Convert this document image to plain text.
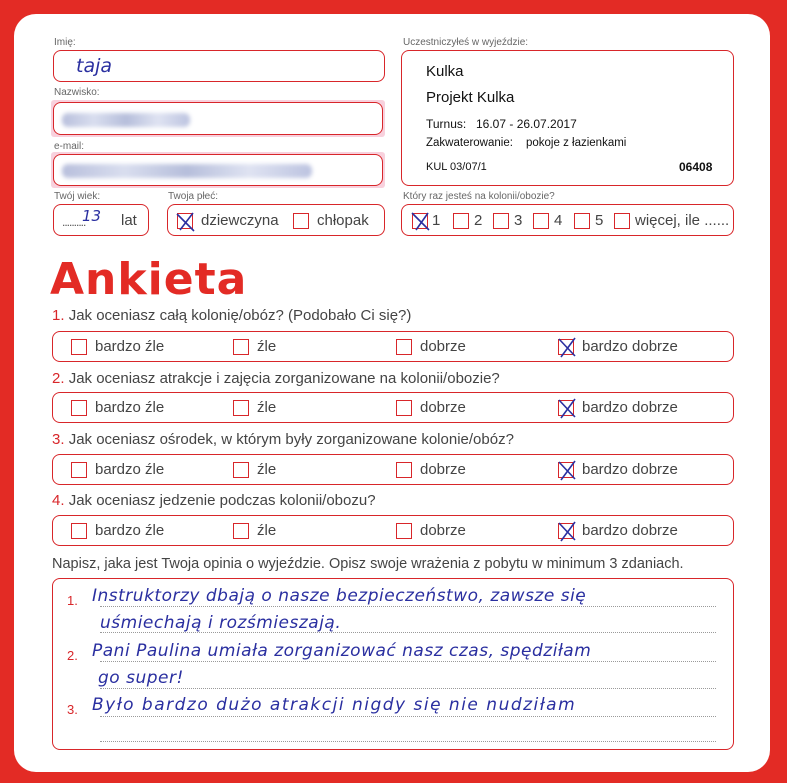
Imię:
taja
Nazwisko:
e-mail:
Twój wiek:
..........
13 lat
Twoja płeć:
dziewczyna	chłopak
Uczestniczyłeś w wyjeździe:
Kulka
Projekt Kulka
Turnus: 16.07 - 26.07.2017
Zakwaterowanie: pokoje z łazienkami
KUL 03/07/1	06408
Który raz jesteś na kolonii/obozie?
1 2 3 4 5 więcej, ile ......
Ankieta
1. Jak oceniasz całą kolonię/obóz? (Podobało Ci się?)
bardzo źle	źle	dobrze	bardzo dobrze
2. Jak oceniasz atrakcje i zajęcia zorganizowane na kolonii/obozie?
bardzo źle	źle	dobrze	bardzo dobrze
3. Jak oceniasz ośrodek, w którym były zorganizowane kolonie/obóz?
bardzo źle	źle	dobrze	bardzo dobrze
4. Jak oceniasz jedzenie podczas kolonii/obozu?
bardzo źle	źle	dobrze	bardzo dobrze
Napisz, jaka jest Twoja opinia o wyjeździe. Opisz swoje wrażenia z pobytu w minimum 3 zdaniach.
1.
2.
3.
Instruktorzy dbają o nasze bezpieczeństwo, zawsze się
uśmiechają i rozśmieszają.
Pani Paulina umiała zorganizować nasz czas, spędziłam
go super!
Było bardzo dużo atrakcji nigdy się nie nudziłam
